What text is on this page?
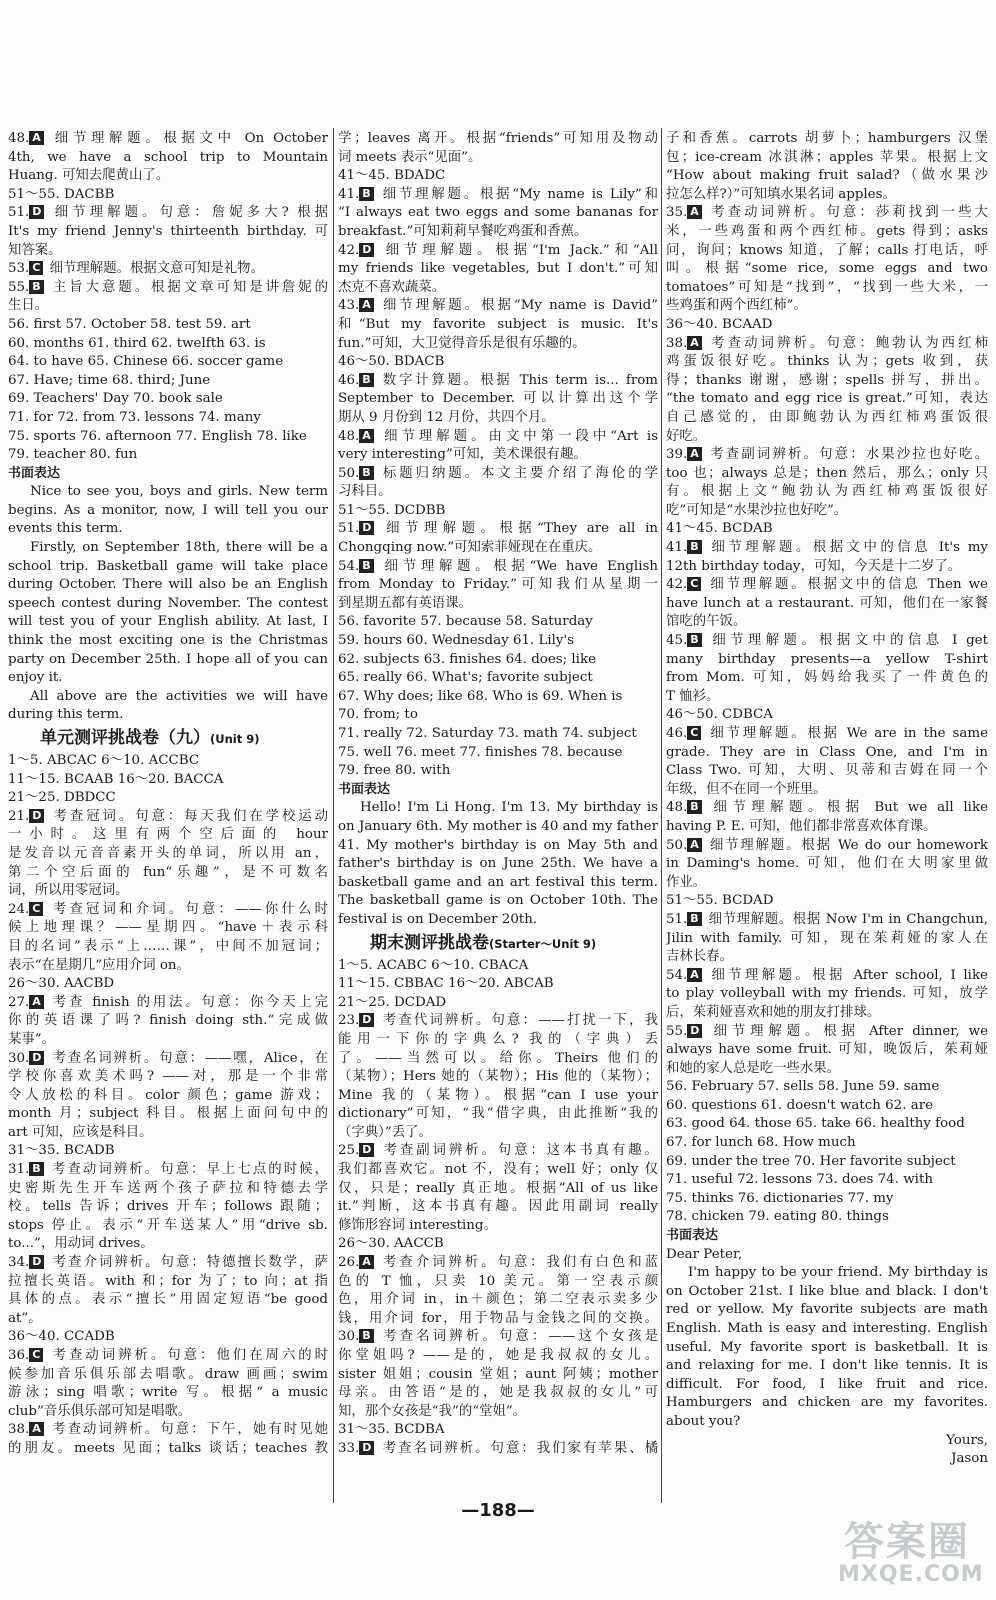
48. A 细节理解题。根据文中 On October
4th, we have a school trip to Mountain
Huang. 可知去爬黄山了。
51～55. DACBB
51. D 细节理解题。句意：詹妮多大? 根据
It's my friend Jenny's thirteenth birthday. 可
知答案。
53. C 细节理解题。根据文意可知是礼物。
55. B 主旨大意题。根据文章可知是讲詹妮的
生日。
56. first 57. October 58. test 59. art
60. months 61. third 62. twelfth 63. is
64. to have 65. Chinese 66. soccer game
67. Have; time 68. third; June
69. Teachers' Day 70. book sale
71. for 72. from 73. lessons 74. many
75. sports 76. afternoon 77. English 78. like
79. teacher 80. fun
书面表达
Nice to see you, boys and girls. New term
begins. As a monitor, now, I will tell you our
events this term.
Firstly, on September 18th, there will be a
school trip. Basketball game will take place
during October. There will also be an English
speech contest during November. The contest
will test you of your English ability. At last, I
think the most exciting one is the Christmas
party on December 25th. I hope all of you can
enjoy it.
All above are the activities we will have
during this term.
单元测评挑战卷（九）(Unit 9)
1～5. ABCAC 6～10. ACCBC
11～15. BCAAB 16～20. BACCA
21～25. DBDCC
21. D 考查冠词。句意：每天我们在学校运动
一小时。这里有两个空后面的 hour
是发音以元音音素开头的单词，所以用 an，
第二个空后面的 fun“乐趣”，是不可数名
词，所以用零冠词。
24. C 考查冠词和介词。句意：——你什么时
候上地理课？——星期四。“have＋表示科
目的名词”表示“上……课”，中间不加冠词；
表示“在星期几”应用介词 on。
26～30. AACBD
27. A 考查 finish 的用法。句意：你今天上完
你的英语课了吗? finish doing sth.“完成做
某事”。
30. D 考查名词辨析。句意：——嘿，Alice，在
学校你喜欢美术吗? ——对，那是一个非常
令人放松的科目。color 颜色；game 游戏；
month 月；subject 科目。根据上面问句中的
art 可知，应该是科目。
31～35. BCADB
31. B 考查动词辨析。句意：早上七点的时候，
史密斯先生开车送两个孩子萨拉和特德去学
校。tells 告诉；drives 开车；follows 跟随；
stops 停止。表示“开车送某人”用“drive sb.
to...”，用动词 drives。
34. D 考查介词辨析。句意：特德擅长数学，萨
拉擅长英语。with 和；for 为了；to 向；at 指
具体的点。表示“擅长”用固定短语“be good
at”。
36～40. CCADB
36. C 考查动词辨析。句意：他们在周六的时
候参加音乐俱乐部去唱歌。draw 画画；swim
游泳；sing 唱歌；write 写。根据“ a music
club”音乐俱乐部可知是唱歌。
38. A 考查动词辨析。句意：下午，她有时见她
的朋友。meets 见面；talks 谈话；teaches 教
学；leaves 离开。根据“friends”可知用及物动
词 meets 表示“见面”。
41～45. BDADC
41. B 细节理解题。根据“My name is Lily”和
“I always eat two eggs and some bananas for
breakfast.”可知莉莉早餐吃鸡蛋和香蕉。
42. D 细节理解题。根据“I'm Jack.”和“All
my friends like vegetables, but I don't.”可知
杰克不喜欢蔬菜。
43. A 细节理解题。根据“My name is David”
和“But my favorite subject is music. It's
fun.”可知，大卫觉得音乐是很有乐趣的。
46～50. BDACB
46. B 数字计算题。根据 This term is... from
September to December. 可以计算出这个学
期从 9 月份到 12 月份，共四个月。
48. A 细节理解题。由文中第一段中“Art is
very interesting”可知，美术课很有趣。
50. B 标题归纳题。本文主要介绍了海伦的学
习科目。
51～55. DCDBB
51. D 细节理解题。根据“They are all in
Chongqing now.”可知索菲娅现在在重庆。
54. B 细节理解题。根据“We have English
from Monday to Friday.”可知我们从星期一
到星期五都有英语课。
56. favorite 57. because 58. Saturday
59. hours 60. Wednesday 61. Lily's
62. subjects 63. finishes 64. does; like
65. really 66. What's; favorite subject
67. Why does; like 68. Who is 69. When is
70. from; to
71. really 72. Saturday 73. math 74. subject
75. well 76. meet 77. finishes 78. because
79. free 80. with
书面表达
Hello! I'm Li Hong. I'm 13. My birthday is
on January 6th. My mother is 40 and my father
41. My mother's birthday is on May 5th and
father's birthday is on June 25th. We have a
basketball game and an art festival this term.
The basketball game is on October 10th. The
festival is on December 20th.
期末测评挑战卷(Starter～Unit 9)
1～5. ACABC 6～10. CBACA
11～15. CBBAC 16～20. ABCAB
21～25. DCDAD
23. D 考查代词辨析。句意：——打扰一下，我
能用一下你的字典么? 我的（字典）丢
了。——当然可以。给你。Theirs 他们的
（某物）；Hers 她的（某物）；His 他的（某物）；
Mine 我的（某物）。根据“can I use your
dictionary”可知，“我”借字典，由此推断“我的
（字典）”丢了。
25. D 考查副词辨析。句意：这本书真有趣。
我们都喜欢它。not 不，没有；well 好；only 仅
仅，只是；really 真正地。根据“All of us like
it.”判断，这本书真有趣。因此用副词 really
修饰形容词 interesting。
26～30. AACCB
26. A 考查介词辨析。句意：我们有白色和蓝
色的 T 恤，只卖 10 美元。第一空表示颜
色，用介词 in，in＋颜色；第二空表示卖多少
钱，用介词 for，用于物品与金钱之间的交换。
30. B 考查名词辨析。句意：——这个女孩是
你堂姐吗? ——是的，她是我叔叔的女儿。
sister 姐姐；cousin 堂姐；aunt 阿姨；mother
母亲。由答语“是的，她是我叔叔的女儿”可
知，那个女孩是“我”的“堂姐”。
31～35. BCDBA
33. D 考查名词辨析。句意：我们家有苹果、橘
子和香蕉。carrots 胡萝卜；hamburgers 汉堡
包；ice-cream 冰淇淋；apples 苹果。根据上文
“How about making fruit salad?（做水果沙
拉怎么样?）”可知填水果名词 apples。
35. A 考查动词辨析。句意：莎莉找到一些大
米，一些鸡蛋和两个西红柿。gets 得到；asks
问，询问；knows 知道，了解；calls 打电话，呼
叫。根据“some rice, some eggs and two
tomatoes”可知是“找到”，“找到一些大米，一
些鸡蛋和两个西红柿”。
36～40. BCAAD
38. A 考查动词辨析。句意：鲍勃认为西红柿
鸡蛋饭很好吃。thinks 认为；gets 收到，获
得；thanks 谢谢，感谢；spells 拼写，拼出。
“the tomato and egg rice is great.”可知，表达
自己感觉的，由即鲍勃认为西红柿鸡蛋饭很
好吃。
39. A 考查副词辨析。句意：水果沙拉也好吃。
too 也；always 总是；then 然后，那么；only 只
有。根据上文“鲍勃认为西红柿鸡蛋饭很好
吃”可知是“水果沙拉也好吃”。
41～45. BCDAB
41. B 细节理解题。根据文中的信息 It's my
12th birthday today，可知，今天是十二岁了。
42. C 细节理解题。根据文中的信息 Then we
have lunch at a restaurant. 可知，他们在一家餐
馆吃的午饭。
45. B 细节理解题。根据文中的信息 I get
many birthday presents—a yellow T-shirt
from Mom. 可知，妈妈给我买了一件黄色的
T 恤衫。
46～50. CDBCA
46. C 细节理解题。根据 We are in the same
grade. They are in Class One, and I'm in
Class Two. 可知，大明、贝蒂和吉姆在同一个
年级，但不在同一个班里。
48. B 细节理解题。根据 But we all like
having P. E. 可知，他们都非常喜欢体育课。
50. A 细节理解题。根据 We do our homework
in Daming's home. 可知，他们在大明家里做
作业。
51～55. BCDAD
51. B 细节理解题。根据 Now I'm in Changchun,
Jilin with family. 可知，现在茱莉娅的家人在
吉林长春。
54. A 细节理解题。根据 After school, I like
to play volleyball with my friends. 可知，放学
后，茱莉娅喜欢和她的朋友打排球。
55. D 细节理解题。根据 After dinner, we
always have some fruit. 可知，晚饭后，茱莉娅
和她的家人总是吃一些水果。
56. February 57. sells 58. June 59. same
60. questions 61. doesn't watch 62. are
63. good 64. those 65. take 66. healthy food
67. for lunch 68. How much
69. under the tree 70. Her favorite subject
71. useful 72. lessons 73. does 74. with
75. thinks 76. dictionaries 77. my
78. chicken 79. eating 80. things
书面表达
Dear Peter,
I'm happy to be your friend. My birthday is
on October 21st. I like blue and black. I don't
red or yellow. My favorite subjects are math
English. Math is easy and interesting. English
useful. My favorite sport is basketball. It is
and relaxing for me. I don't like tennis. It is
difficult. For food, I like fruit and rice.
Hamburgers and chicken are my favorites.
about you?
Yours,
Jason
—188—
答案圈
MXQE.COM
